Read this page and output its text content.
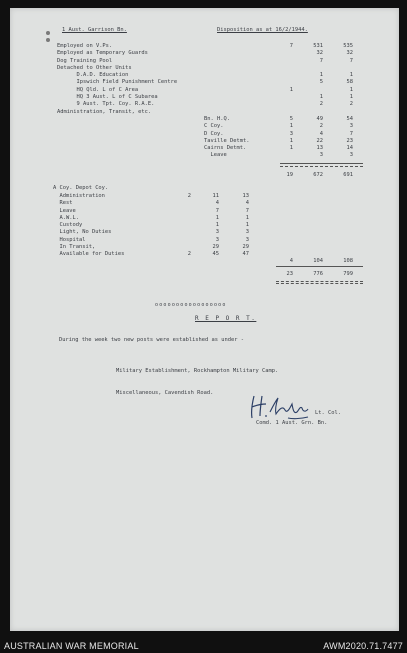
1 Aust. Garrison Bn.	Disposition as at 16/2/1944.
Employed on V.Ps.	7	531	535
Employed as Temporary Guards		32	32
Dog Training Pool		7	7
Detached to Other Units			
D.A.D. Education		1	1
Ipswich Field Punishment Centre		5	58
HQ Qld. L of C Area	1		1
HQ 3 Aust. L of C Subarea		1	1
9 Aust. Tpt. Coy. R.A.E.		2	2
Administration, Transit, etc.			
Bn. H.Q.	5	49	54
C Coy.	1	2	3
D Coy.	3	4	7
Taville Detmt.	1	22	23
Cairns Detmt.	1	13	14
Leave		3	3
19	672	691
A Coy. Depot Coy.
Administration	2	11	13
Rest		4	4
Leave		7	7
A.W.L.		1	1
Custody		1	1
Light, No Duties		3	3
Hospital		3	3
In Transit,		29	29
Available for Duties	2	45	47
4	104	108
23	776	799
ooooooooooooooooo
R E P O R T.
During the week two new posts were established as under -

Military Establishment, Rockhampton Military Camp.

Miscellaneous, Cavendish Road.

Lt. Col.
Comd. 1 Aust. Grn. Bn.
AUSTRALIAN WAR MEMORIAL	AWM2020.71.7477
